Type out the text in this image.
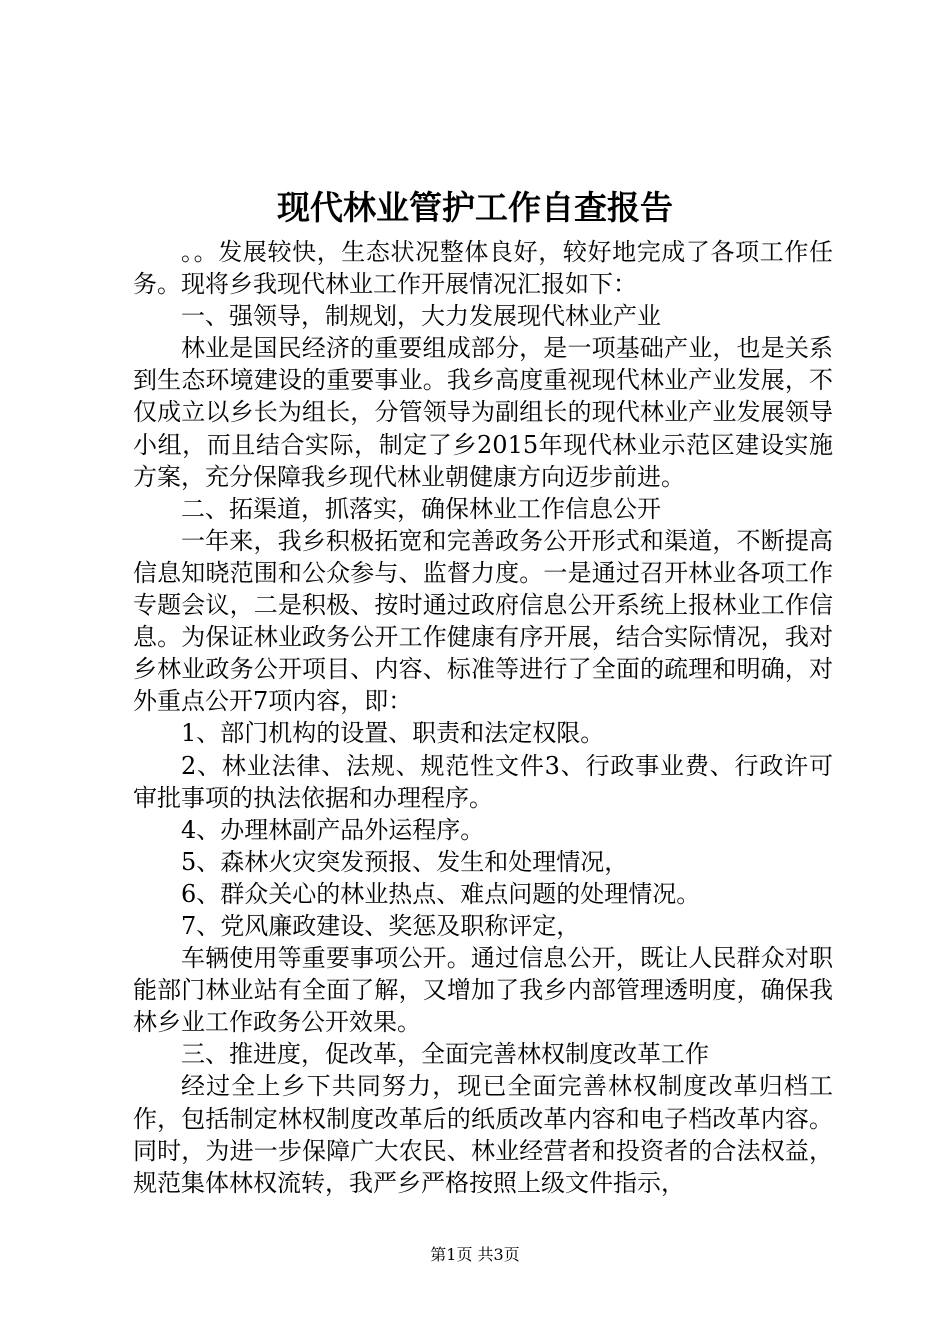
现代林业管护工作自查报告

。。发展较快，生态状况整体良好，较好地完成了各项工作任务。现将乡我现代林业工作开展情况汇报如下：

一、强领导，制规划，大力发展现代林业产业

林业是国民经济的重要组成部分，是一项基础产业，也是关系到生态环境建设的重要事业。我乡高度重视现代林业产业发展，不仅成立以乡长为组长，分管领导为副组长的现代林业产业发展领导小组，而且结合实际，制定了乡2015年现代林业示范区建设实施方案，充分保障我乡现代林业朝健康方向迈步前进。

二、拓渠道，抓落实，确保林业工作信息公开

一年来，我乡积极拓宽和完善政务公开形式和渠道，不断提高信息知晓范围和公众参与、监督力度。一是通过召开林业各项工作专题会议，二是积极、按时通过政府信息公开系统上报林业工作信息。为保证林业政务公开工作健康有序开展，结合实际情况，我对乡林业政务公开项目、内容、标准等进行了全面的疏理和明确，对外重点公开7项内容，即：

1、部门机构的设置、职责和法定权限。

2、林业法律、法规、规范性文件3、行政事业费、行政许可审批事项的执法依据和办理程序。

4、办理林副产品外运程序。

5、森林火灾突发预报、发生和处理情况，

6、群众关心的林业热点、难点问题的处理情况。

7、党风廉政建设、奖惩及职称评定，

车辆使用等重要事项公开。通过信息公开，既让人民群众对职能部门林业站有全面了解，又增加了我乡内部管理透明度，确保我林乡业工作政务公开效果。

三、推进度，促改革，全面完善林权制度改革工作

经过全上乡下共同努力，现已全面完善林权制度改革归档工作，包括制定林权制度改革后的纸质改革内容和电子档改革内容。同时，为进一步保障广大农民、林业经营者和投资者的合法权益，规范集体林权流转，我严乡严格按照上级文件指示，

第1页 共3页
